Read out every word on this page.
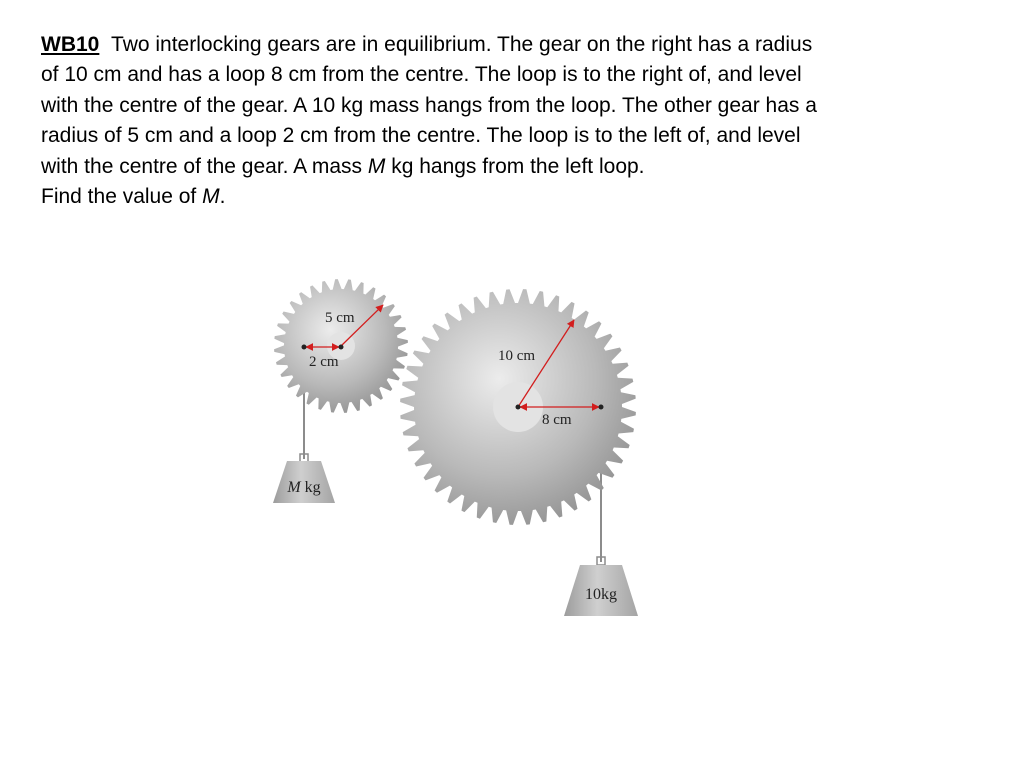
WB10 Two interlocking gears are in equilibrium. The gear on the right has a radius
of 10 cm and has a loop 8 cm from the centre. The loop is to the right of, and level
with the centre of the gear. A 10 kg mass hangs from the loop. The other gear has a
radius of 5 cm and a loop 2 cm from the centre. The loop is to the left of, and level
with the centre of the gear. A mass M kg hangs from the left loop.
Find the value of M.
5 cm
2 cm	10 cm
8 cm
M kg
10kg
